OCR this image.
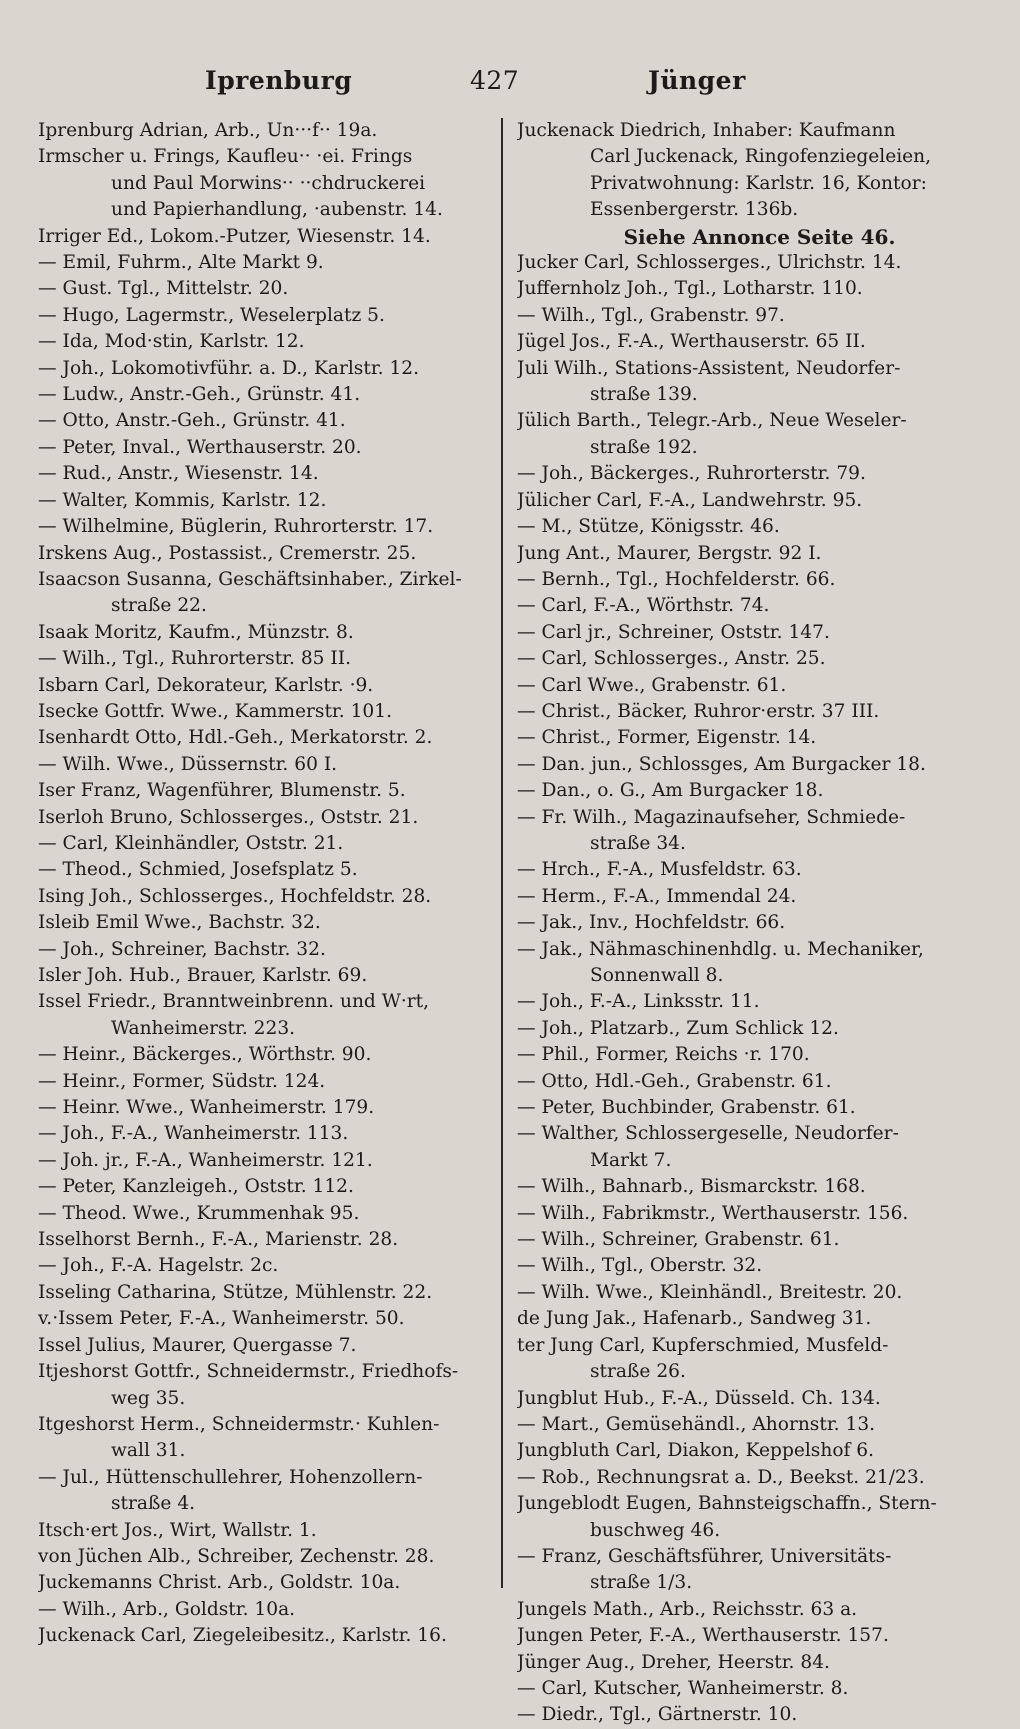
Iprenburg	427	Jünger
Iprenburg Adrian, Arb., Un···f·· 19a.
Irmscher u. Frings, Kaufleu·· ·ei. Frings
und Paul Morwins·· ··chdruckerei
und Papierhandlung, ·aubenstr. 14.
Irriger Ed., Lokom.-Putzer, Wiesenstr. 14.
— Emil, Fuhrm., Alte Markt 9.
— Gust. Tgl., Mittelstr. 20.
— Hugo, Lagermstr., Weselerplatz 5.
— Ida, Mod·stin, Karlstr. 12.
— Joh., Lokomotivführ. a. D., Karlstr. 12.
— Ludw., Anstr.-Geh., Grünstr. 41.
— Otto, Anstr.-Geh., Grünstr. 41.
— Peter, Inval., Werthauserstr. 20.
— Rud., Anstr., Wiesenstr. 14.
— Walter, Kommis, Karlstr. 12.
— Wilhelmine, Büglerin, Ruhrorterstr. 17.
Irskens Aug., Postassist., Cremerstr. 25.
Isaacson Susanna, Geschäftsinhaber., Zirkel-
straße 22.
Isaak Moritz, Kaufm., Münzstr. 8.
— Wilh., Tgl., Ruhrorterstr. 85 II.
Isbarn Carl, Dekorateur, Karlstr. ·9.
Isecke Gottfr. Wwe., Kammerstr. 101.
Isenhardt Otto, Hdl.-Geh., Merkatorstr. 2.
— Wilh. Wwe., Düssernstr. 60 I.
Iser Franz, Wagenführer, Blumenstr. 5.
Iserloh Bruno, Schlosserges., Oststr. 21.
— Carl, Kleinhändler, Oststr. 21.
— Theod., Schmied, Josefsplatz 5.
Ising Joh., Schlosserges., Hochfeldstr. 28.
Isleib Emil Wwe., Bachstr. 32.
— Joh., Schreiner, Bachstr. 32.
Isler Joh. Hub., Brauer, Karlstr. 69.
Issel Friedr., Branntweinbrenn. und W·rt,
Wanheimerstr. 223.
— Heinr., Bäckerges., Wörthstr. 90.
— Heinr., Former, Südstr. 124.
— Heinr. Wwe., Wanheimerstr. 179.
— Joh., F.-A., Wanheimerstr. 113.
— Joh. jr., F.-A., Wanheimerstr. 121.
— Peter, Kanzleigeh., Oststr. 112.
— Theod. Wwe., Krummenhak 95.
Isselhorst Bernh., F.-A., Marienstr. 28.
— Joh., F.-A. Hagelstr. 2c.
Isseling Catharina, Stütze, Mühlenstr. 22.
v.·Issem Peter, F.-A., Wanheimerstr. 50.
Issel Julius, Maurer, Quergasse 7.
Itjeshorst Gottfr., Schneidermstr., Friedhofs-
weg 35.
Itgeshorst Herm., Schneidermstr.· Kuhlen-
wall 31.
— Jul., Hüttenschullehrer, Hohenzollern-
straße 4.
Itsch·ert Jos., Wirt, Wallstr. 1.
von Jüchen Alb., Schreiber, Zechenstr. 28.
Juckemanns Christ. Arb., Goldstr. 10a.
— Wilh., Arb., Goldstr. 10a.
Juckenack Carl, Ziegeleibesitz., Karlstr. 16.
Juckenack Diedrich, Inhaber: Kaufmann
Carl Juckenack, Ringofenziegeleien,
Privatwohnung: Karlstr. 16, Kontor:
Essenbergerstr. 136b.
Siehe Annonce Seite 46.
Jucker Carl, Schlosserges., Ulrichstr. 14.
Juffernholz Joh., Tgl., Lotharstr. 110.
— Wilh., Tgl., Grabenstr. 97.
Jügel Jos., F.-A., Werthauserstr. 65 II.
Juli Wilh., Stations-Assistent, Neudorfer-
straße 139.
Jülich Barth., Telegr.-Arb., Neue Weseler-
straße 192.
— Joh., Bäckerges., Ruhrorterstr. 79.
Jülicher Carl, F.-A., Landwehrstr. 95.
— M., Stütze, Königsstr. 46.
Jung Ant., Maurer, Bergstr. 92 I.
— Bernh., Tgl., Hochfelderstr. 66.
— Carl, F.-A., Wörthstr. 74.
— Carl jr., Schreiner, Oststr. 147.
— Carl, Schlosserges., Anstr. 25.
— Carl Wwe., Grabenstr. 61.
— Christ., Bäcker, Ruhror·erstr. 37 III.
— Christ., Former, Eigenstr. 14.
— Dan. jun., Schlossges, Am Burgacker 18.
— Dan., o. G., Am Burgacker 18.
— Fr. Wilh., Magazinaufseher, Schmiede-
straße 34.
— Hrch., F.-A., Musfeldstr. 63.
— Herm., F.-A., Immendal 24.
— Jak., Inv., Hochfeldstr. 66.
— Jak., Nähmaschinenhdlg. u. Mechaniker,
Sonnenwall 8.
— Joh., F.-A., Linksstr. 11.
— Joh., Platzarb., Zum Schlick 12.
— Phil., Former, Reichs ·r. 170.
— Otto, Hdl.-Geh., Grabenstr. 61.
— Peter, Buchbinder, Grabenstr. 61.
— Walther, Schlossergeselle, Neudorfer-
Markt 7.
— Wilh., Bahnarb., Bismarckstr. 168.
— Wilh., Fabrikmstr., Werthauserstr. 156.
— Wilh., Schreiner, Grabenstr. 61.
— Wilh., Tgl., Oberstr. 32.
— Wilh. Wwe., Kleinhändl., Breitestr. 20.
de Jung Jak., Hafenarb., Sandweg 31.
ter Jung Carl, Kupferschmied, Musfeld-
straße 26.
Jungblut Hub., F.-A., Düsseld. Ch. 134.
— Mart., Gemüsehändl., Ahornstr. 13.
Jungbluth Carl, Diakon, Keppelshof 6.
— Rob., Rechnungsrat a. D., Beekst. 21/23.
Jungeblodt Eugen, Bahnsteigschaffn., Stern-
buschweg 46.
— Franz, Geschäftsführer, Universitäts-
straße 1/3.
Jungels Math., Arb., Reichsstr. 63 a.
Jungen Peter, F.-A., Werthauserstr. 157.
Jünger Aug., Dreher, Heerstr. 84.
— Carl, Kutscher, Wanheimerstr. 8.
— Diedr., Tgl., Gärtnerstr. 10.
